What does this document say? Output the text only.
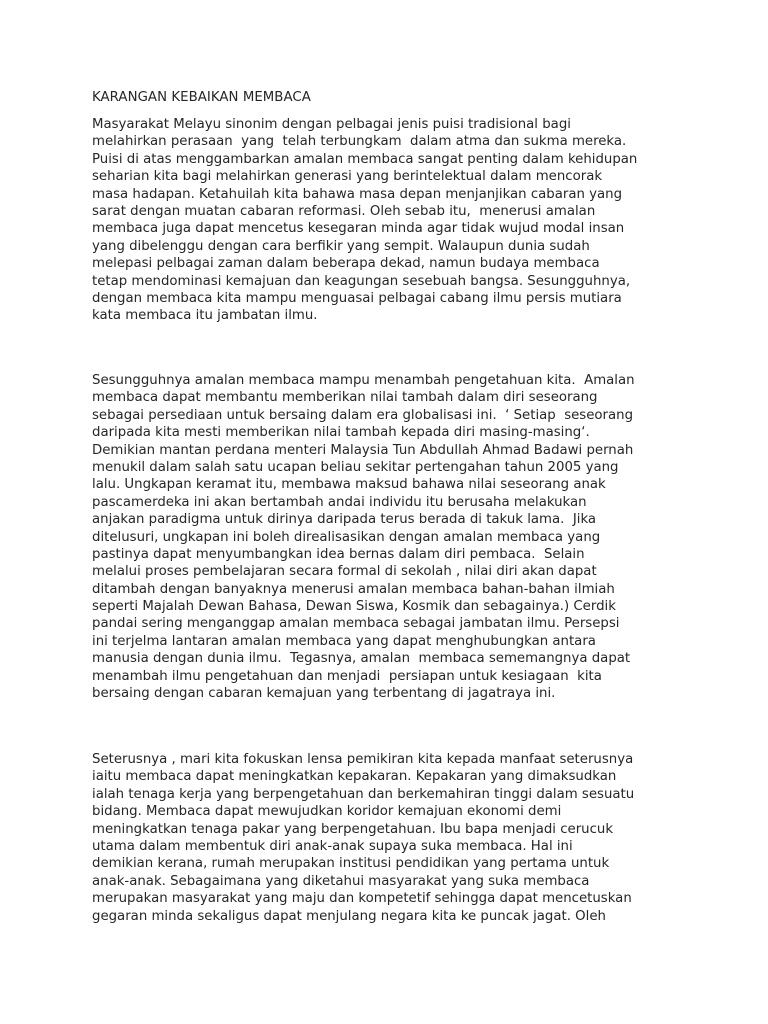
KARANGAN KEBAIKAN MEMBACA
Masyarakat Melayu sinonim dengan pelbagai jenis puisi tradisional bagi
melahirkan perasaan  yang  telah terbungkam  dalam atma dan sukma mereka.
Puisi di atas menggambarkan amalan membaca sangat penting dalam kehidupan
seharian kita bagi melahirkan generasi yang berintelektual dalam mencorak
masa hadapan. Ketahuilah kita bahawa masa depan menjanjikan cabaran yang
sarat dengan muatan cabaran reformasi. Oleh sebab itu,  menerusi amalan
membaca juga dapat mencetus kesegaran minda agar tidak wujud modal insan
yang dibelenggu dengan cara berfikir yang sempit. Walaupun dunia sudah
melepasi pelbagai zaman dalam beberapa dekad, namun budaya membaca
tetap mendominasi kemajuan dan keagungan sesebuah bangsa. Sesungguhnya,
dengan membaca kita mampu menguasai pelbagai cabang ilmu persis mutiara
kata membaca itu jambatan ilmu.
Sesungguhnya amalan membaca mampu menambah pengetahuan kita.  Amalan
membaca dapat membantu memberikan nilai tambah dalam diri seseorang
sebagai persediaan untuk bersaing dalam era globalisasi ini.  ‘ Setiap  seseorang
daripada kita mesti memberikan nilai tambah kepada diri masing-masing‘.
Demikian mantan perdana menteri Malaysia Tun Abdullah Ahmad Badawi pernah
menukil dalam salah satu ucapan beliau sekitar pertengahan tahun 2005 yang
lalu. Ungkapan keramat itu, membawa maksud bahawa nilai seseorang anak
pascamerdeka ini akan bertambah andai individu itu berusaha melakukan
anjakan paradigma untuk dirinya daripada terus berada di takuk lama.  Jika
ditelusuri, ungkapan ini boleh direalisasikan dengan amalan membaca yang
pastinya dapat menyumbangkan idea bernas dalam diri pembaca.  Selain
melalui proses pembelajaran secara formal di sekolah , nilai diri akan dapat
ditambah dengan banyaknya menerusi amalan membaca bahan-bahan ilmiah
seperti Majalah Dewan Bahasa, Dewan Siswa, Kosmik dan sebagainya.) Cerdik
pandai sering menganggap amalan membaca sebagai jambatan ilmu. Persepsi
ini terjelma lantaran amalan membaca yang dapat menghubungkan antara
manusia dengan dunia ilmu.  Tegasnya, amalan  membaca sememangnya dapat
menambah ilmu pengetahuan dan menjadi  persiapan untuk kesiagaan  kita
bersaing dengan cabaran kemajuan yang terbentang di jagatraya ini.
Seterusnya , mari kita fokuskan lensa pemikiran kita kepada manfaat seterusnya
iaitu membaca dapat meningkatkan kepakaran. Kepakaran yang dimaksudkan
ialah tenaga kerja yang berpengetahuan dan berkemahiran tinggi dalam sesuatu
bidang. Membaca dapat mewujudkan koridor kemajuan ekonomi demi
meningkatkan tenaga pakar yang berpengetahuan. Ibu bapa menjadi cerucuk
utama dalam membentuk diri anak-anak supaya suka membaca. Hal ini
demikian kerana, rumah merupakan institusi pendidikan yang pertama untuk
anak-anak. Sebagaimana yang diketahui masyarakat yang suka membaca
merupakan masyarakat yang maju dan kompetetif sehingga dapat mencetuskan
gegaran minda sekaligus dapat menjulang negara kita ke puncak jagat. Oleh
